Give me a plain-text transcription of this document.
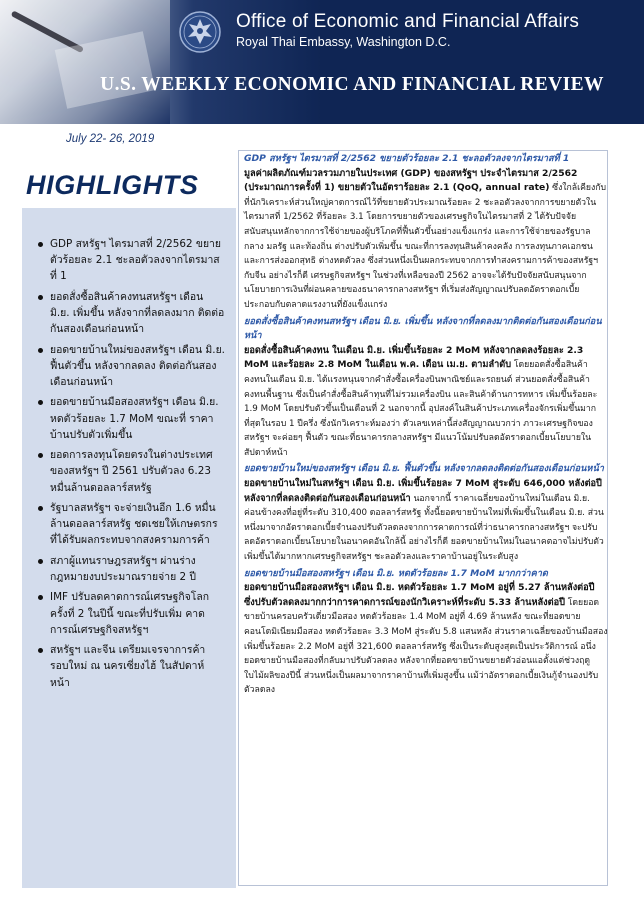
Office of Economic and Financial Affairs
Royal Thai Embassy, Washington D.C.
U.S. WEEKLY ECONOMIC AND FINANCIAL REVIEW
July 22- 26, 2019
HIGHLIGHTS
GDP สหรัฐฯ ไตรมาสที่ 2/2562 ขยายตัวร้อยละ 2.1 ชะลอตัวลงจากไตรมาสที่ 1
ยอดสั่งซื้อสินค้าคงทนสหรัฐฯ เดือน มิ.ย. เพิ่มขึ้น หลังจากที่ลดลงมาก ติดต่อกันสองเดือนก่อนหน้า
ยอดขายบ้านใหม่ของสหรัฐฯ เดือน มิ.ย. ฟื้นตัวขึ้น หลังจากลดลง ติดต่อกันสองเดือนก่อนหน้า
ยอดขายบ้านมือสองสหรัฐฯ เดือน มิ.ย. หดตัวร้อยละ 1.7 MoM ขณะที่ ราคาบ้านปรับตัวเพิ่มขึ้น
ยอดการลงทุนโดยตรงในต่างประเทศ ของสหรัฐฯ ปี 2561 ปรับตัวลง 6.23 หมื่นล้านดอลลาร์สหรัฐ
รัฐบาลสหรัฐฯ จะจ่ายเงินอีก 1.6 หมื่น ล้านดอลลาร์สหรัฐ ชดเชยให้เกษตรกร ที่ได้รับผลกระทบจากสงครามการค้า
สภาผู้แทนราษฎรสหรัฐฯ ผ่านร่าง กฎหมายงบประมาณรายจ่าย 2 ปี
IMF ปรับลดคาดการณ์เศรษฐกิจโลก ครั้งที่ 2 ในปีนี้ ขณะที่ปรับเพิ่ม คาดการณ์เศรษฐกิจสหรัฐฯ
สหรัฐฯ และจีน เตรียมเจรจาการค้า รอบใหม่ ณ นครเซี่ยงไฮ้ ในสัปดาห์ หน้า
GDP สหรัฐฯ ไตรมาสที่ 2/2562 ขยายตัวร้อยละ 2.1 ชะลอตัวลงจากไตรมาสที่ 1
มูลค่าผลิตภัณฑ์มวลรวมภายในประเทศ (GDP) ของสหรัฐฯ ประจำไตรมาส 2/2562 (ประมาณการครั้งที่ 1) ขยายตัวในอัตราร้อยละ 2.1 (QoQ, annual rate) ซึ่งใกล้เคียงกับที่นักวิเคราะห์ส่วนใหญ่คาดการณ์ไว้ที่ขยายตัวประมาณร้อยละ 2 ชะลอตัวลงจากการขยายตัวในไตรมาสที่ 1/2562 ที่ร้อยละ 3.1 โดยการขยายตัวของเศรษฐกิจในไตรมาสที่ 2 ได้รับปัจจัยสนับสนุนหลักจากการใช้จ่ายของผู้บริโภคที่ฟื้นตัวขึ้นอย่างแข็งแกร่ง และการใช้จ่ายของรัฐบาลกลาง มลรัฐ และท้องถิ่น ต่างปรับตัวเพิ่มขึ้น ขณะที่การลงทุนสินค้าคงคลัง การลงทุนภาคเอกชน และการส่งออกสุทธิ ต่างหดตัวลง ซึ่งส่วนหนึ่งเป็นผลกระทบจากการทำสงครามการค้าของสหรัฐฯ กับจีน อย่างไรก็ดี เศรษฐกิจสหรัฐฯ ในช่วงที่เหลือของปี 2562 อาจจะได้รับปัจจัยสนับสนุนจากนโยบายการเงินที่ผ่อนคลายของธนาคารกลางสหรัฐฯ ที่เริ่มส่งสัญญาณปรับลดอัตราดอกเบี้ย ประกอบกับตลาดแรงงานที่ยังแข็งแกร่ง
ยอดสั่งซื้อสินค้าคงทนสหรัฐฯ เดือน มิ.ย. เพิ่มขึ้น หลังจากที่ลดลงมากติดต่อกันสองเดือนก่อนหน้า
ยอดสั่งซื้อสินค้าคงทน ในเดือน มิ.ย. เพิ่มขึ้นร้อยละ 2 MoM หลังจากลดลงร้อยละ 2.3 MoM และร้อยละ 2.8 MoM ในเดือน พ.ค. เดือน เม.ย. ตามลำดับ โดยยอดสั่งซื้อสินค้าคงทนในเดือน มิ.ย. ได้แรงหนุนจากคำสั่งซื้อเครื่องบินพาณิชย์และรถยนต์ ส่วนยอดสั่งซื้อสินค้าคงทนพื้นฐาน ซึ่งเป็นคำสั่งซื้อสินค้าทุนที่ไม่รวมเครื่องบิน และสินค้าด้านการทหาร เพิ่มขึ้นร้อยละ 1.9 MoM โดยปรับตัวขึ้นเป็นเดือนที่ 2 นอกจากนี้ อุปสงค์ในสินค้าประเภทเครื่องจักรเพิ่มขึ้นมากที่สุดในรอบ 1 ปีครึ่ง ซึ่งนักวิเคราะห์มองว่า ตัวเลขเหล่านี้ส่งสัญญาณบวกว่า ภาวะเศรษฐกิจของสหรัฐฯ จะค่อยๆ ฟื้นตัว ขณะที่ธนาคารกลางสหรัฐฯ มีแนวโน้มปรับลดอัตราดอกเบี้ยนโยบายในสัปดาห์หน้า
ยอดขายบ้านใหม่ของสหรัฐฯ เดือน มิ.ย. ฟื้นตัวขึ้น หลังจากลดลงติดต่อกันสองเดือนก่อนหน้า
ยอดขายบ้านใหม่ในสหรัฐฯ เดือน มิ.ย. เพิ่มขึ้นร้อยละ 7 MoM สู่ระดับ 646,000 หลังต่อปี หลังจากที่ลดลงติดต่อกันสองเดือนก่อนหน้า นอกจากนี้ ราคาเฉลี่ยของบ้านใหม่ในเดือน มิ.ย. ค่อนข้างคงที่อยู่ที่ระดับ 310,400 ดอลลาร์สหรัฐ ทั้งนี้ยอดขายบ้านใหม่ที่เพิ่มขึ้นในเดือน มิ.ย. ส่วนหนึ่งมาจากอัตราดอกเบี้ยจำนองปรับตัวลดลงจากการคาดการณ์ที่ว่าธนาคารกลางสหรัฐฯ จะปรับลดอัตราดอกเบี้ยนโยบายในอนาคตอันใกล้นี้ อย่างไรก็ดี ยอดขายบ้านใหม่ในอนาคตอาจไม่ปรับตัวเพิ่มขึ้นได้มากหากเศรษฐกิจสหรัฐฯ ชะลอตัวลงและราคาบ้านอยู่ในระดับสูง
ยอดขายบ้านมือสองสหรัฐฯ เดือน มิ.ย. หดตัวร้อยละ 1.7 MoM มากกว่าคาด
ยอดขายบ้านมือสองสหรัฐฯ เดือน มิ.ย. หดตัวร้อยละ 1.7 MoM อยู่ที่ 5.27 ล้านหลังต่อปี ซึ่งปรับตัวลดลงมากกว่าการคาดการณ์ของนักวิเคราะห์ที่ระดับ 5.33 ล้านหลังต่อปี โดยยอดขายบ้านครอบครัวเดี่ยวมือสอง หดตัวร้อยละ 1.4 MoM อยู่ที่ 4.69 ล้านหลัง ขณะที่ยอดขายคอนโดมิเนียมมือสอง หดตัวร้อยละ 3.3 MoM สู่ระดับ 5.8 แสนหลัง ส่วนราคาเฉลี่ยของบ้านมือสองเพิ่มขึ้นร้อยละ 2.2 MoM อยู่ที่ 321,600 ดอลลาร์สหรัฐ ซึ่งเป็นระดับสูงสุดเป็นประวัติการณ์ อนึ่ง ยอดขายบ้านมือสองที่กลับมาปรับตัวลดลง หลังจากที่ยอดขายบ้านขยายตัวอ่อนแอตั้งแต่ช่วงฤดูใบไม้ผลิของปีนี้ ส่วนหนึ่งเป็นผลมาจากราคาบ้านที่เพิ่มสูงขึ้น แม้ว่าอัตราดอกเบี้ยเงินกู้จำนองปรับตัวลดลง
